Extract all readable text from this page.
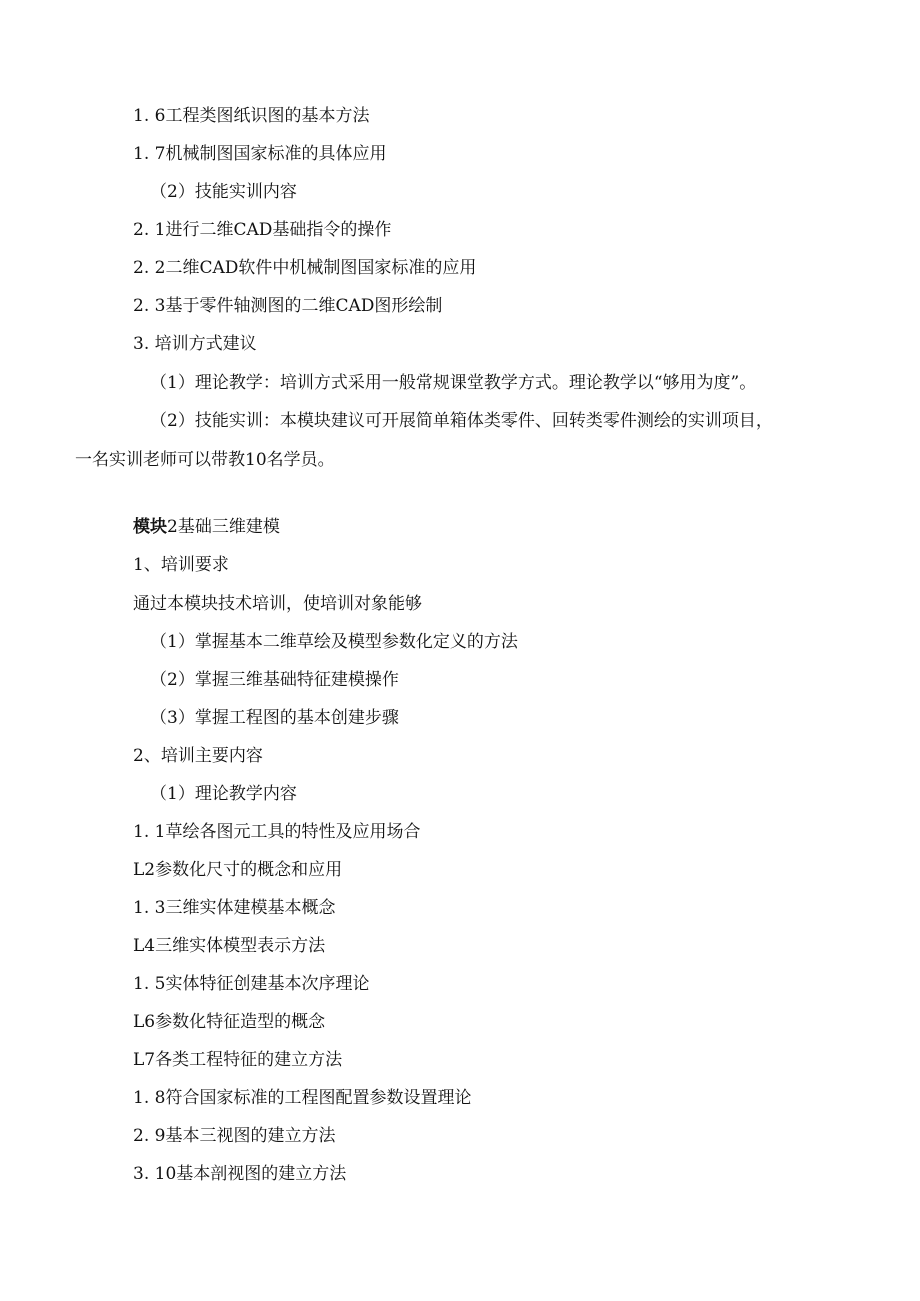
1. 6工程类图纸识图的基本方法
1. 7机械制图国家标准的具体应用
（2）技能实训内容
2. 1进行二维CAD基础指令的操作
2. 2二维CAD软件中机械制图国家标准的应用
2. 3基于零件轴测图的二维CAD图形绘制
3. 培训方式建议
（1）理论教学：培训方式采用一般常规课堂教学方式。理论教学以“够用为度”。
（2）技能实训：本模块建议可开展简单箱体类零件、回转类零件测绘的实训项目，
一名实训老师可以带教10名学员。
模块2基础三维建模
1、培训要求
通过本模块技术培训，使培训对象能够
（1）掌握基本二维草绘及模型参数化定义的方法
（2）掌握三维基础特征建模操作
（3）掌握工程图的基本创建步骤
2、培训主要内容
（1）理论教学内容
1. 1草绘各图元工具的特性及应用场合
L2参数化尺寸的概念和应用
1. 3三维实体建模基本概念
L4三维实体模型表示方法
1. 5实体特征创建基本次序理论
L6参数化特征造型的概念
L7各类工程特征的建立方法
1. 8符合国家标准的工程图配置参数设置理论
2. 9基本三视图的建立方法
3. 10基本剖视图的建立方法
